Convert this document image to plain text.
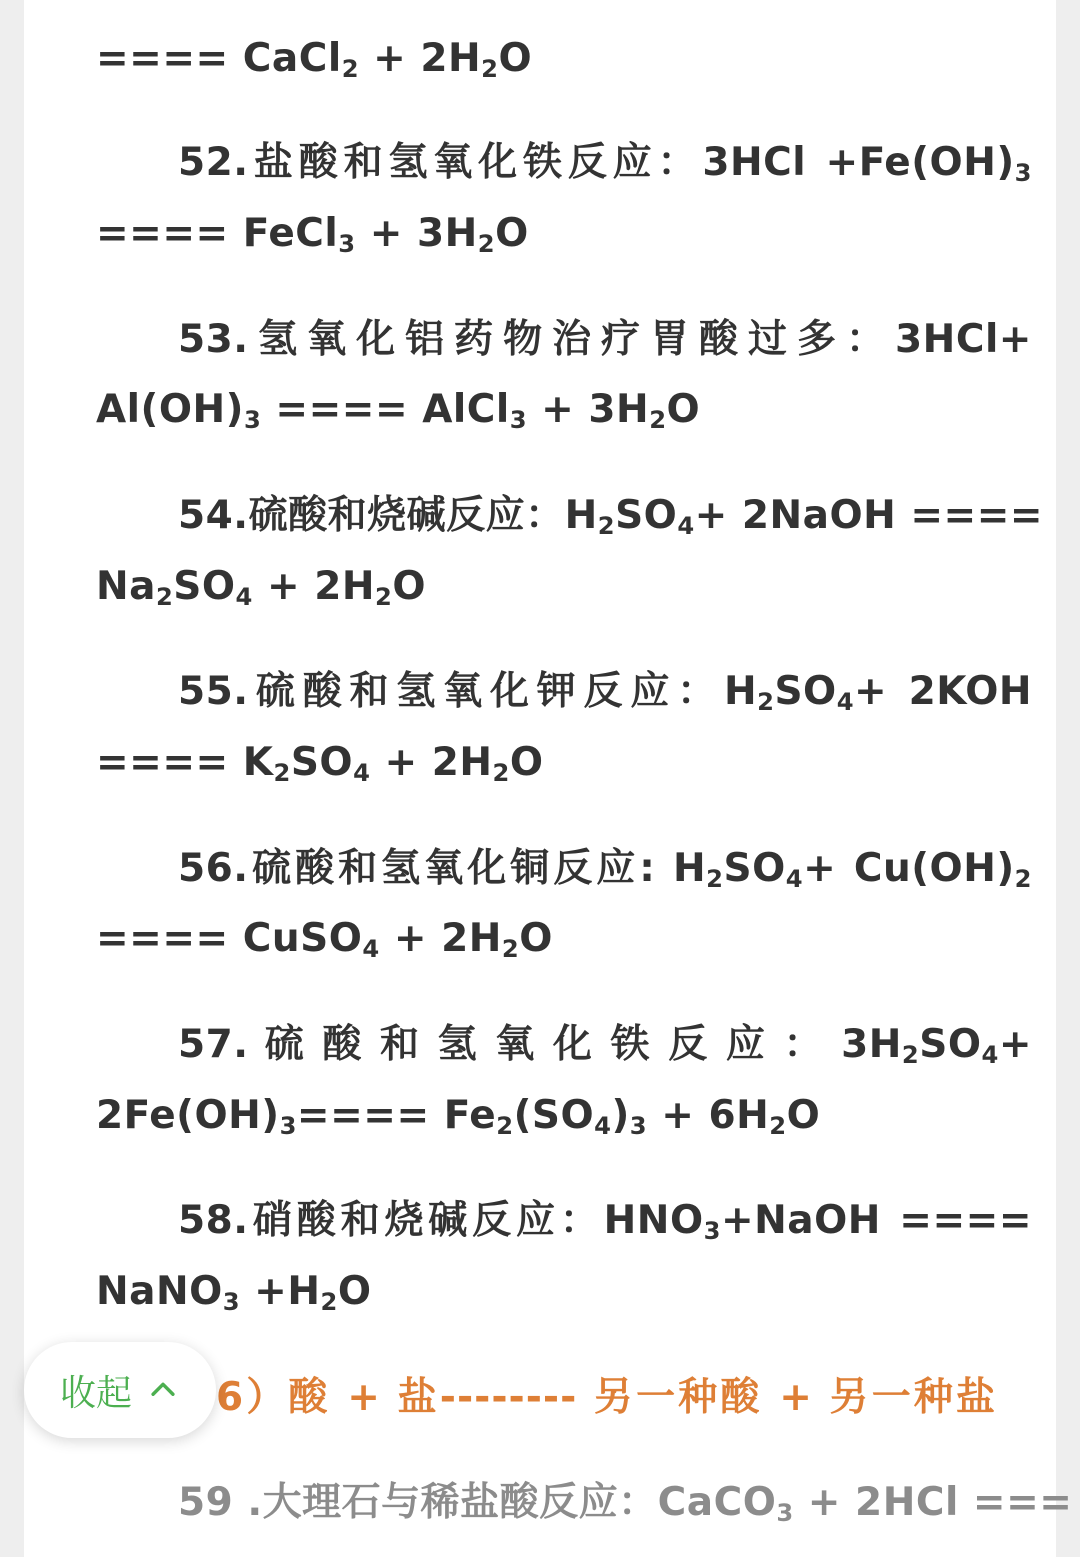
==== CaCl$_2$ + $2H_2O$
52.盐酸和氢氧化铁反应：$3HCl +Fe(OH)_3$
==== FeCl$_3$ + $3H_2O$
53.氢氧化铝药物治疗胃酸过多：3HCl+
$Al(OH)_3$ ==== AlCl$_3$ + $3H_2O$
54.硫酸和烧碱反应：$H_2SO_4+$ 2NaOH ====
$Na_2SO_4 + 2H_2O$
55.硫酸和氢氧化钾反应：$H_2SO_4+ 2KOH$
==== $K_2SO_4 + 2H_2O$
56.硫酸和氢氧化铜反应: $H_2SO_4+ Cu(OH)_2$
==== CuSO$_4$ + $2H_2O$
57. 硫 酸 和 氢 氧 化 铁 反 应 ： $3H_2SO_4+$
$2Fe(OH)_3==== Fe_2(SO_4)_3 + 6H_2O$
58.硝酸和烧碱反应：$HNO_3+NaOH$ ====
NaNO$_3$ $+H_2O$
6）酸 + 盐-------- 另一种酸 + 另一种盐
59 .大理石与稀盐酸反应：CaCO$_3$ + 2HCl ===
收起
